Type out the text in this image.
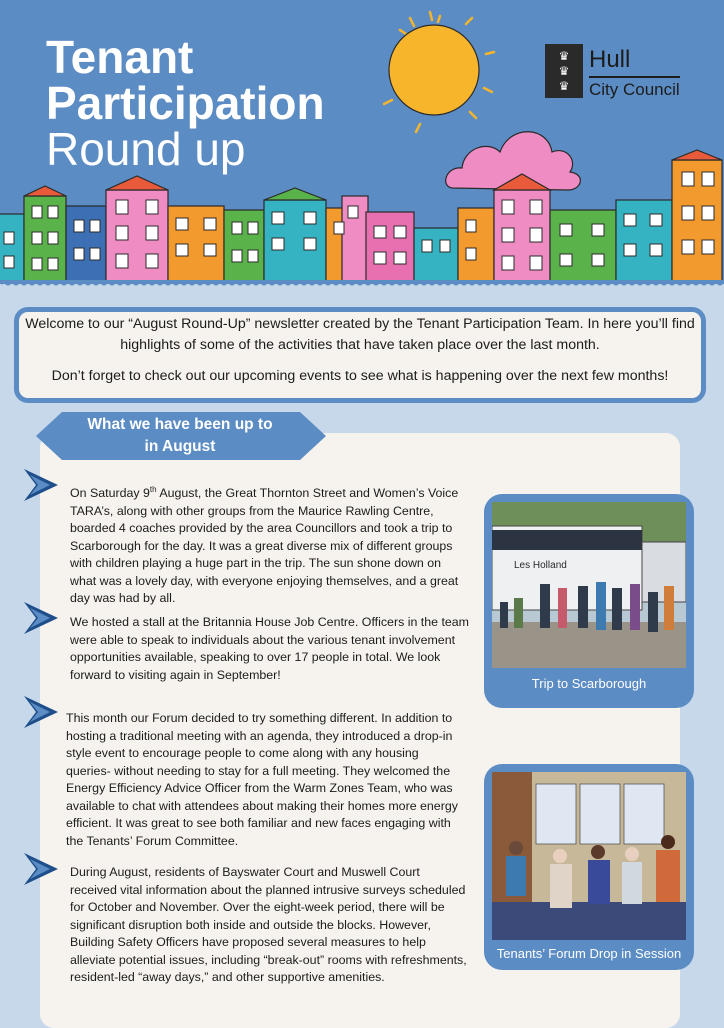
Tenant
Participation
Round up
♛
♛
♛
Hull
City Council

Welcome to our “August Round-Up” newsletter created by the Tenant Participation Team. In here you’ll find highlights of some of the activities that have taken place over the last month.

Don’t forget to check out our upcoming events to see what is happening over the next few months!

What we have been up to
in August

On Saturday 9th August, the Great Thornton Street and Women’s Voice TARA’s, along with other groups from the Maurice Rawling Centre, boarded 4 coaches provided by the area Councillors and took a trip to Scarborough for the day. It was a great diverse mix of different groups with children playing a huge part in the trip. The sun shone down on what was a lovely day, with everyone enjoying themselves, and a great day was had by all.

We hosted a stall at the Britannia House Job Centre. Officers in the team were able to speak to individuals about the various tenant involvement opportunities available, speaking to over 17 people in total. We look forward to visiting again in September!

This month our Forum decided to try something different. In addition to hosting a traditional meeting with an agenda, they introduced a drop-in style event to encourage people to come along with any housing queries- without needing to stay for a full meeting. They welcomed the Energy Efficiency Advice Officer from the Warm Zones Team, who was available to chat with attendees about making their homes more energy efficient. It was great to see both familiar and new faces engaging with the Tenants’ Forum Committee.

During August, residents of Bayswater Court and Muswell Court received vital information about the planned intrusive surveys scheduled for October and November. Over the eight-week period, there will be significant disruption both inside and outside the blocks. However, Building Safety Officers have proposed several measures to help alleviate potential issues, including “break-out” rooms with refreshments, resident-led “away days,” and other supportive amenities.

Les Holland
Trip to Scarborough
Tenants’ Forum Drop in Session
